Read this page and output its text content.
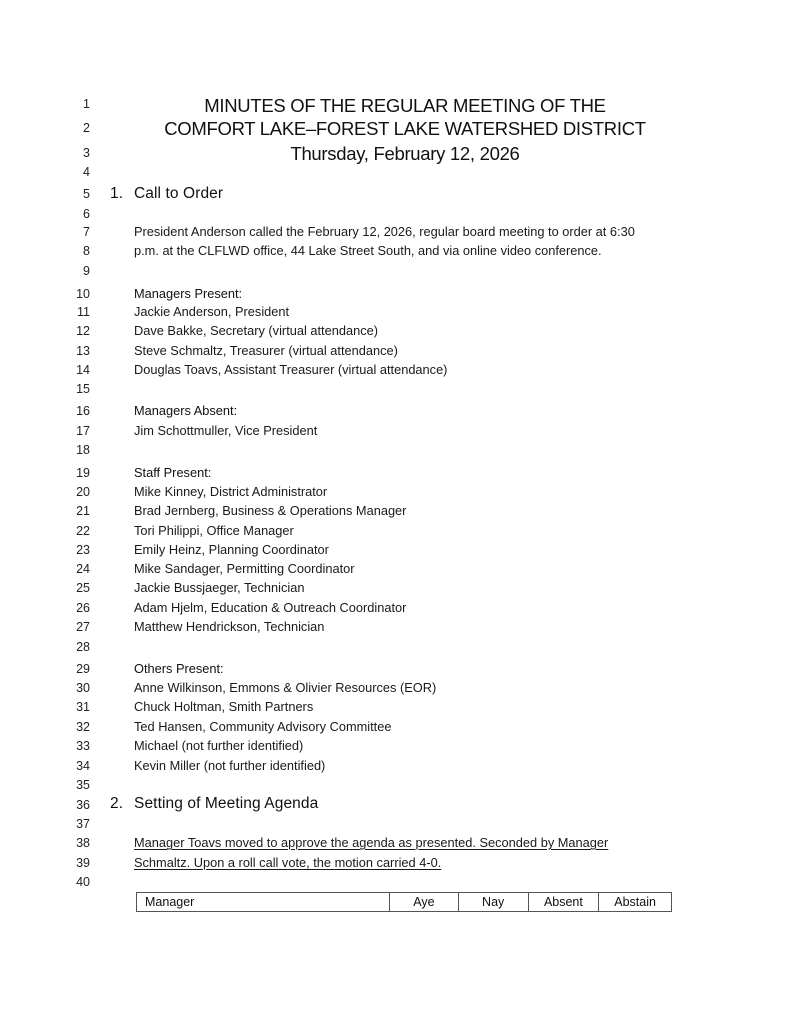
1
2
3
4
5
6
7
8
9
10
11
12
13
14
15
16
17
18
19
20
21
22
23
24
25
26
27
28
29
30
31
32
33
34
35
36
37
38
39
40
MINUTES OF THE REGULAR MEETING OF THE
COMFORT LAKE–FOREST LAKE WATERSHED DISTRICT
Thursday, February 12, 2026
1. Call to Order
President Anderson called the February 12, 2026, regular board meeting to order at 6:30
p.m. at the CLFLWD office, 44 Lake Street South, and via online video conference.
Managers Present:
Jackie Anderson, President
Dave Bakke, Secretary (virtual attendance)
Steve Schmaltz, Treasurer (virtual attendance)
Douglas Toavs, Assistant Treasurer (virtual attendance)
Managers Absent:
Jim Schottmuller, Vice President
Staff Present:
Mike Kinney, District Administrator
Brad Jernberg, Business & Operations Manager
Tori Philippi, Office Manager
Emily Heinz, Planning Coordinator
Mike Sandager, Permitting Coordinator
Jackie Bussjaeger, Technician
Adam Hjelm, Education & Outreach Coordinator
Matthew Hendrickson, Technician
Others Present:
Anne Wilkinson, Emmons & Olivier Resources (EOR)
Chuck Holtman, Smith Partners
Ted Hansen, Community Advisory Committee
Michael (not further identified)
Kevin Miller (not further identified)
2. Setting of Meeting Agenda
Manager Toavs moved to approve the agenda as presented. Seconded by Manager
Schmaltz. Upon a roll call vote, the motion carried 4-0.
Manager	Aye	Nay	Absent	Abstain
